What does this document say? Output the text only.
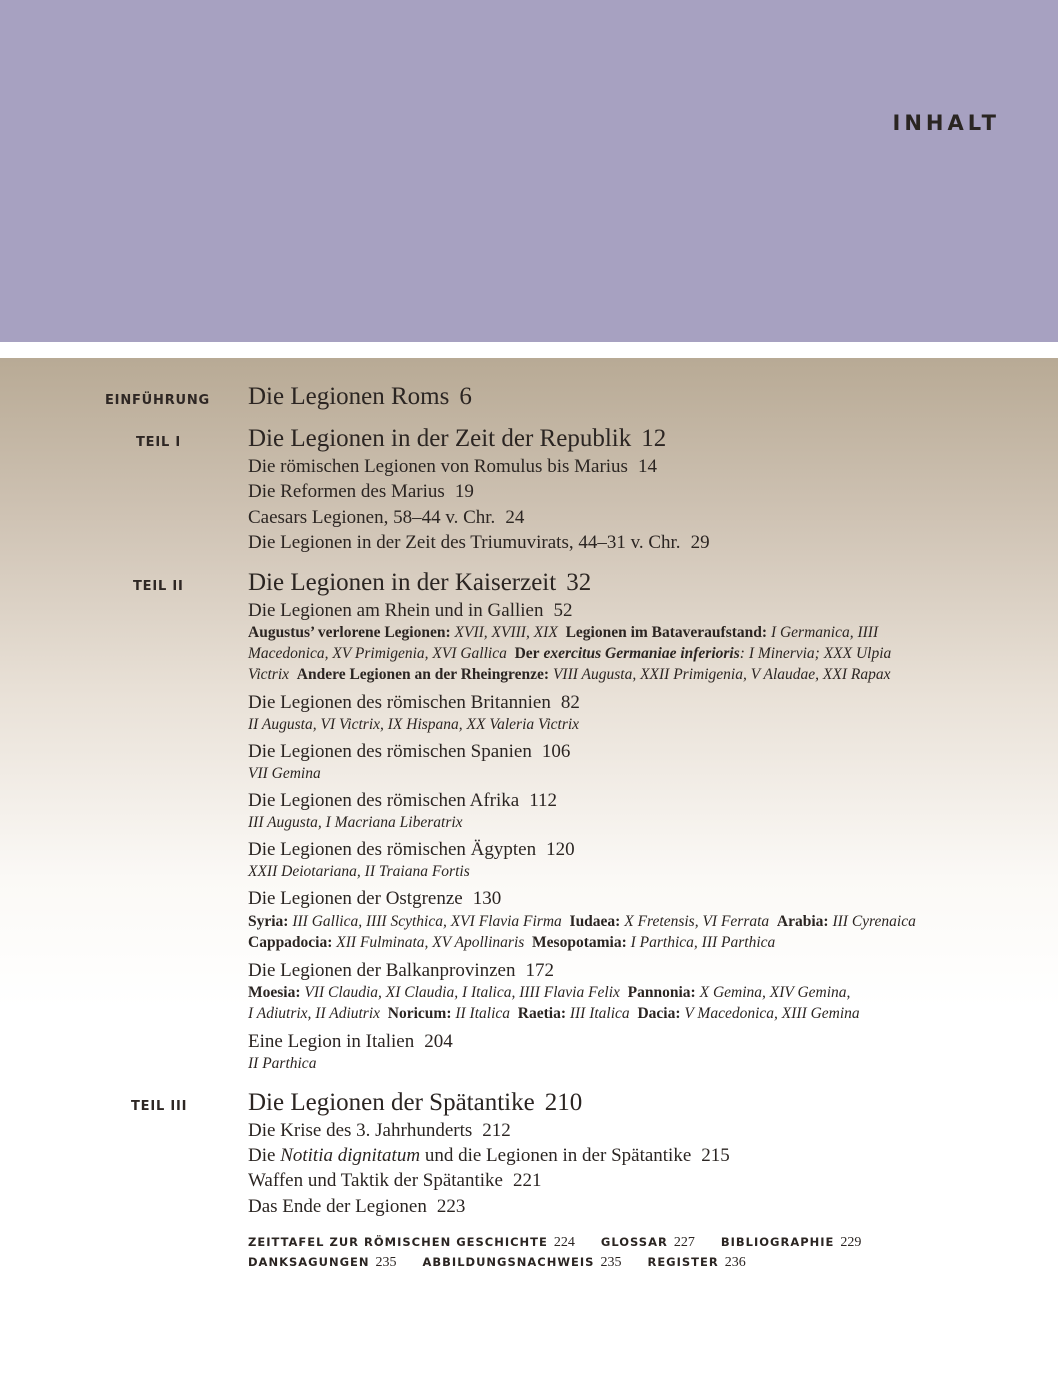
INHALT
EINFÜHRUNG
TEIL I
TEIL II
TEIL III
Die Legionen Roms 6
Die Legionen in der Zeit der Republik 12
Die römischen Legionen von Romulus bis Marius 14
Die Reformen des Marius 19
Caesars Legionen, 58–44 v. Chr. 24
Die Legionen in der Zeit des Triumuvirats, 44–31 v. Chr. 29
Die Legionen in der Kaiserzeit 32
Die Legionen am Rhein und in Gallien 52
Augustus’ verlorene Legionen: XVII, XVIII, XIX Legionen im Bataveraufstand: I Germanica, IIII
Macedonica, XV Primigenia, XVI Gallica Der exercitus Germaniae inferioris: I Minervia; XXX Ulpia
Victrix Andere Legionen an der Rheingrenze: VIII Augusta, XXII Primigenia, V Alaudae, XXI Rapax
Die Legionen des römischen Britannien 82
II Augusta, VI Victrix, IX Hispana, XX Valeria Victrix
Die Legionen des römischen Spanien 106
VII Gemina
Die Legionen des römischen Afrika 112
III Augusta, I Macriana Liberatrix
Die Legionen des römischen Ägypten 120
XXII Deiotariana, II Traiana Fortis
Die Legionen der Ostgrenze 130
Syria: III Gallica, IIII Scythica, XVI Flavia Firma Iudaea: X Fretensis, VI Ferrata Arabia: III Cyrenaica
Cappadocia: XII Fulminata, XV Apollinaris Mesopotamia: I Parthica, III Parthica
Die Legionen der Balkanprovinzen 172
Moesia: VII Claudia, XI Claudia, I Italica, IIII Flavia Felix Pannonia: X Gemina, XIV Gemina,
I Adiutrix, II Adiutrix Noricum: II Italica Raetia: III Italica Dacia: V Macedonica, XIII Gemina
Eine Legion in Italien 204
II Parthica
Die Legionen der Spätantike 210
Die Krise des 3. Jahrhunderts 212
Die Notitia dignitatum und die Legionen in der Spätantike 215
Waffen und Taktik der Spätantike 221
Das Ende der Legionen 223
ZEITTAFEL ZUR RÖMISCHEN GESCHICHTE 224 GLOSSAR 227 BIBLIOGRAPHIE 229
DANKSAGUNGEN 235 ABBILDUNGSNACHWEIS 235 REGISTER 236
